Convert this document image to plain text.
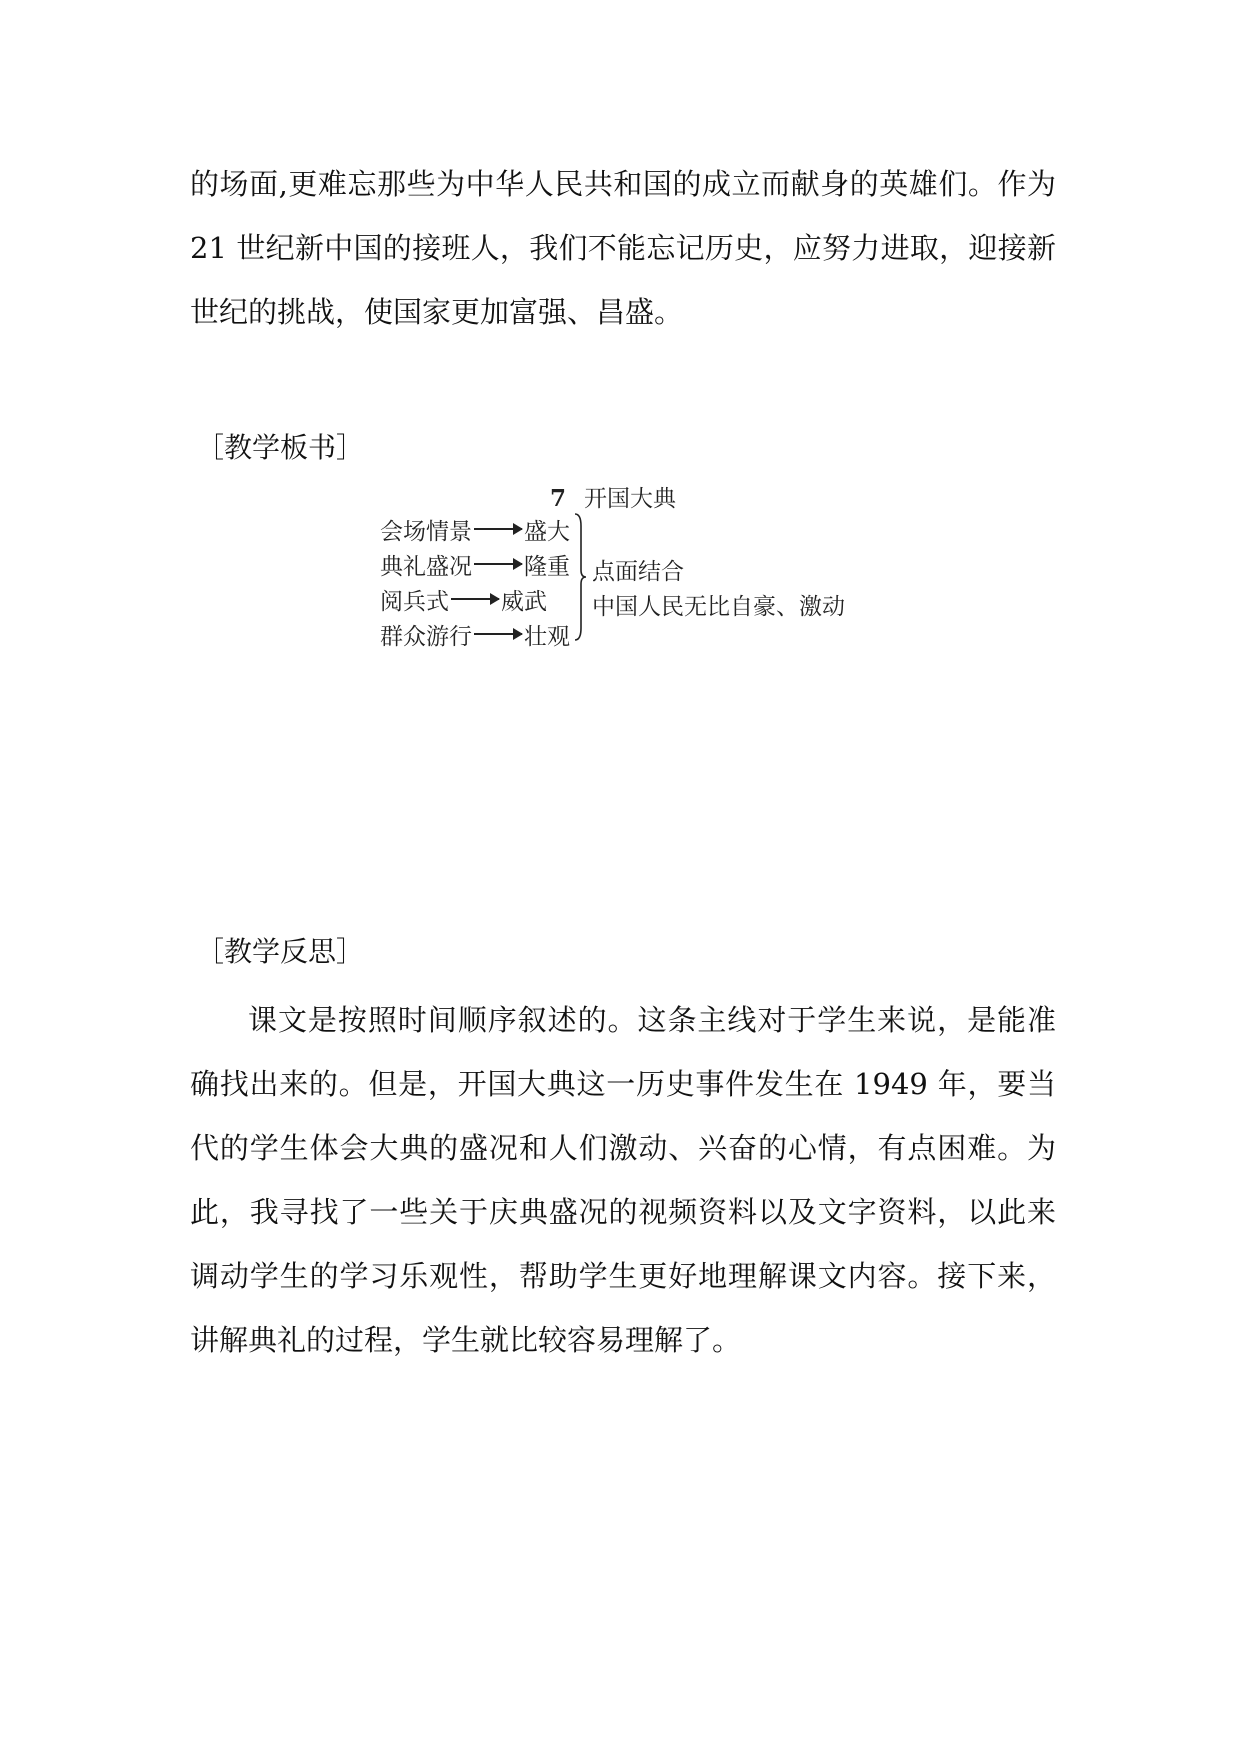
的场面,更难忘那些为中华人民共和国的成立而献身的英雄们。作为 21 世纪新中国的接班人，我们不能忘记历史，应努力进取，迎接新世纪的挑战，使国家更加富强、昌盛。

［教学板书］
7 开国大典
会场情景 盛大
典礼盛况 隆重
阅兵式 威武
群众游行 壮观
点面结合
中国人民无比自豪、激动
［教学反思］

课文是按照时间顺序叙述的。这条主线对于学生来说，是能准确找出来的。但是，开国大典这一历史事件发生在 1949 年，要当代的学生体会大典的盛况和人们激动、兴奋的心情，有点困难。为此，我寻找了一些关于庆典盛况的视频资料以及文字资料，以此来调动学生的学习乐观性，帮助学生更好地理解课文内容。接下来，讲解典礼的过程，学生就比较容易理解了。
